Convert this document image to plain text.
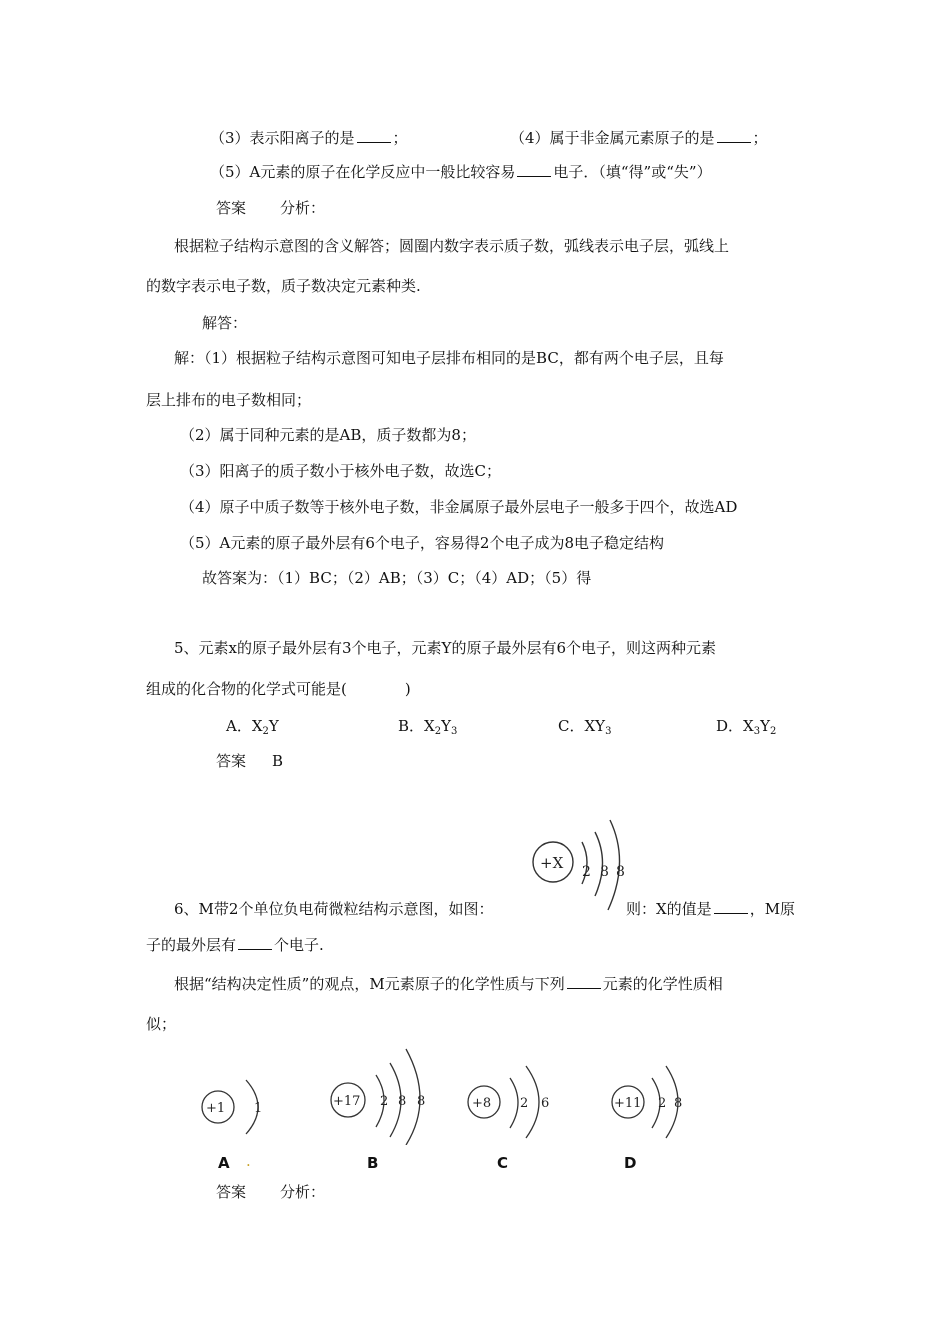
（3）表示阳离子的是	；	（4）属于非金属元素原子的是	；
（5）A元素的原子在化学反应中一般比较容易	电子．（填“得”或“失”）
答案 分析：
根据粒子结构示意图的含义解答；圆圈内数字表示质子数，弧线表示电子层，弧线上
的数字表示电子数，质子数决定元素种类.
解答：
解：（1）根据粒子结构示意图可知电子层排布相同的是BC，都有两个电子层，且每
层上排布的电子数相同；
（2）属于同种元素的是AB，质子数都为8；
（3）阳离子的质子数小于核外电子数，故选C；
（4）原子中质子数等于核外电子数，非金属原子最外层电子一般多于四个，故选AD
（5）A元素的原子最外层有6个电子，容易得2个电子成为8电子稳定结构
故答案为：（1）BC；（2）AB；（3）C；（4）AD；（5）得
5、元素x的原子最外层有3个电子，元素Y的原子最外层有6个电子，则这两种元素
组成的化合物的化学式可能是(	)
A．$X_2Y$	B．$X_2Y_3$	C．$XY_3$	D．$X_3Y_2$
答案 B
+X 2 8 8
6、M带2个单位负电荷微粒结构示意图，如图：	则：X的值是	，M原
子的最外层有	个电子.
根据“结构决定性质”的观点，M元素原子的化学性质与下列	元素的化学性质相
似；
+1 1	+17 2 8 8	+8 2 6	+11 2 8
A .	B	C	D
答案 分析：
